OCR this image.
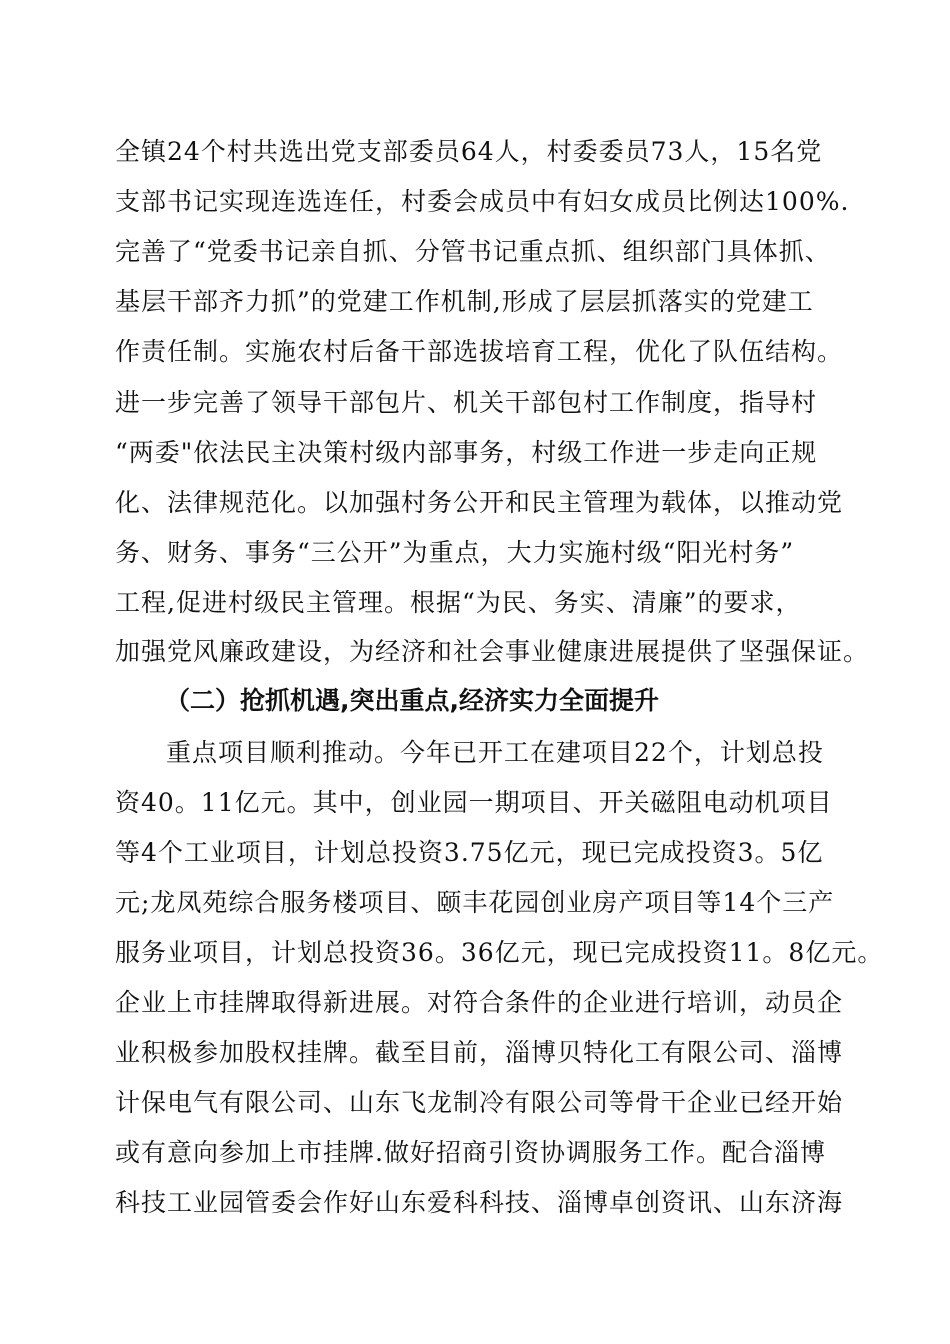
全镇24个村共选出党支部委员64人，村委委员73人，15名党
支部书记实现连选连任，村委会成员中有妇女成员比例达100%.
完善了“党委书记亲自抓、分管书记重点抓、组织部门具体抓、
基层干部齐力抓”的党建工作机制,形成了层层抓落实的党建工
作责任制。实施农村后备干部选拔培育工程，优化了队伍结构。
进一步完善了领导干部包片、机关干部包村工作制度，指导村
“两委"依法民主决策村级内部事务，村级工作进一步走向正规
化、法律规范化。以加强村务公开和民主管理为载体，以推动党
务、财务、事务“三公开”为重点，大力实施村级“阳光村务”
工程,促进村级民主管理。根据“为民、务实、清廉”的要求，
加强党风廉政建设，为经济和社会事业健康进展提供了坚强保证。
（二）抢抓机遇,突出重点,经济实力全面提升
重点项目顺利推动。今年已开工在建项目22个，计划总投
资40。11亿元。其中，创业园一期项目、开关磁阻电动机项目
等4个工业项目，计划总投资3.75亿元，现已完成投资3。5亿
元;龙凤苑综合服务楼项目、颐丰花园创业房产项目等14个三产
服务业项目，计划总投资36。36亿元，现已完成投资11。8亿元。
企业上市挂牌取得新进展。对符合条件的企业进行培训，动员企
业积极参加股权挂牌。截至目前，淄博贝特化工有限公司、淄博
计保电气有限公司、山东飞龙制冷有限公司等骨干企业已经开始
或有意向参加上市挂牌.做好招商引资协调服务工作。配合淄博
科技工业园管委会作好山东爱科科技、淄博卓创资讯、山东济海
